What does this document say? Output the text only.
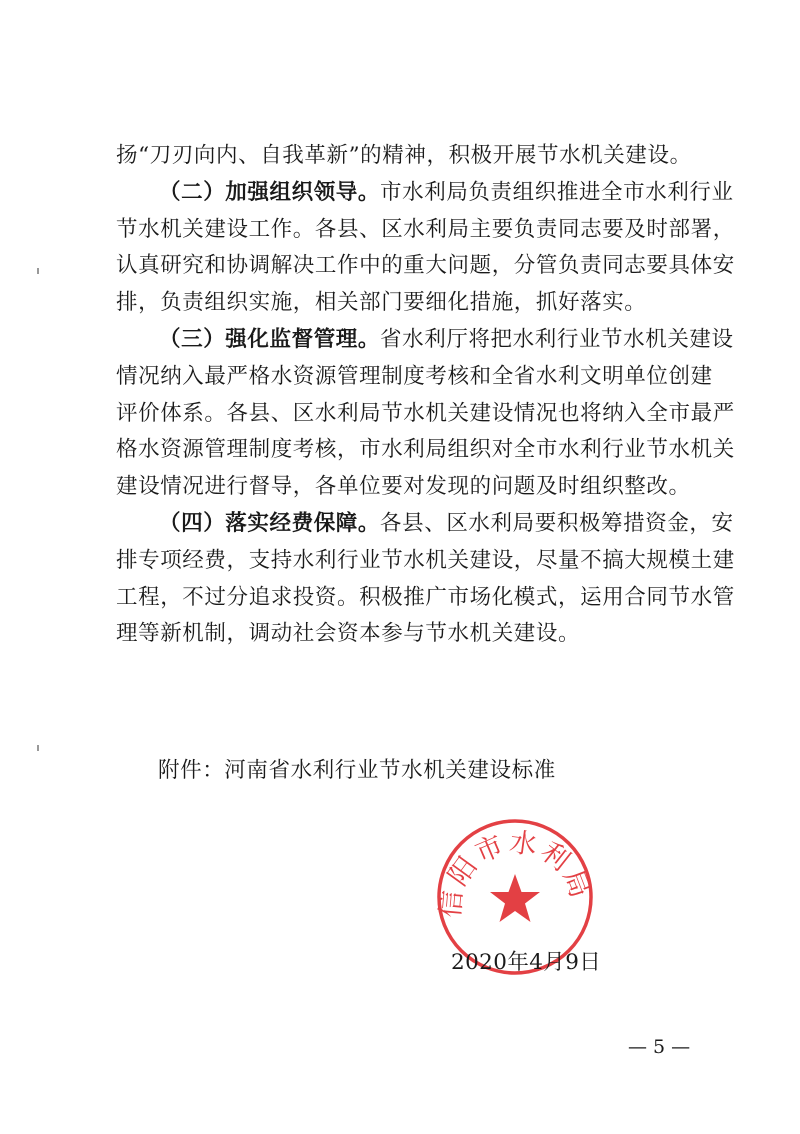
扬“刀刃向内、自我革新”的精神，积极开展节水机关建设。
（二）加强组织领导。市水利局负责组织推进全市水利行业
节水机关建设工作。各县、区水利局主要负责同志要及时部署，
认真研究和协调解决工作中的重大问题，分管负责同志要具体安
排，负责组织实施，相关部门要细化措施，抓好落实。
（三）强化监督管理。省水利厅将把水利行业节水机关建设
情况纳入最严格水资源管理制度考核和全省水利文明单位创建
评价体系。各县、区水利局节水机关建设情况也将纳入全市最严
格水资源管理制度考核，市水利局组织对全市水利行业节水机关
建设情况进行督导，各单位要对发现的问题及时组织整改。
（四）落实经费保障。各县、区水利局要积极筹措资金，安
排专项经费，支持水利行业节水机关建设，尽量不搞大规模土建
工程，不过分追求投资。积极推广市场化模式，运用合同节水管
理等新机制，调动社会资本参与节水机关建设。
附件：河南省水利行业节水机关建设标准
信阳市水利局
2020年4月9日
— 5 —
